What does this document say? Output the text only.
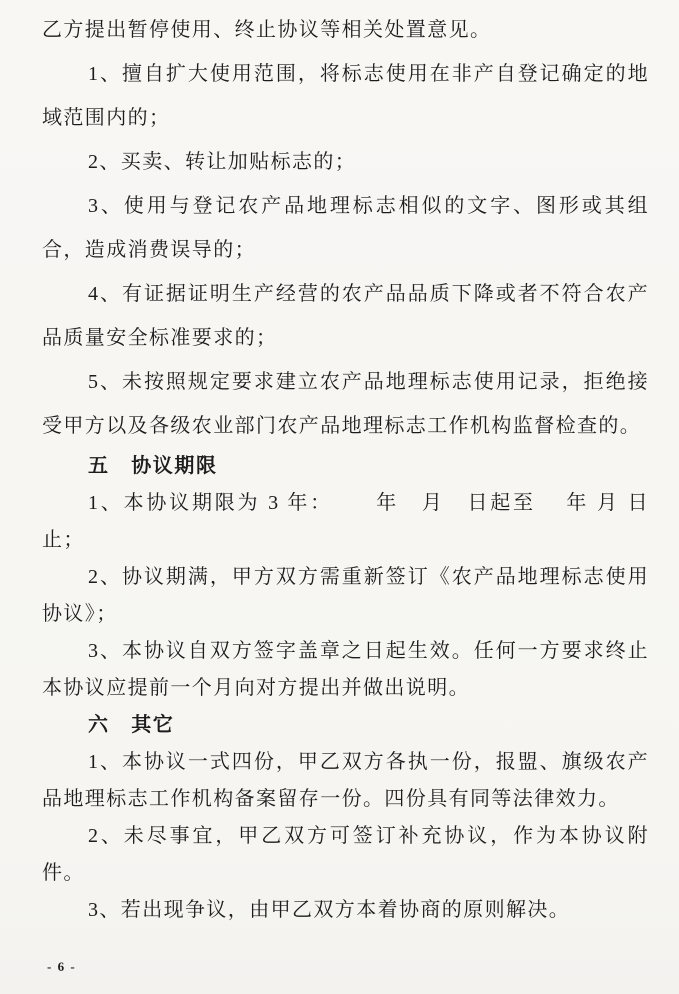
乙方提出暂停使用、终止协议等相关处置意见。

1、擅自扩大使用范围，将标志使用在非产自登记确定的地域范围内的；

2、买卖、转让加贴标志的；

3、使用与登记农产品地理标志相似的文字、图形或其组合，造成消费误导的；

4、有证据证明生产经营的农产品品质下降或者不符合农产品质量安全标准要求的；

5、未按照规定要求建立农产品地理标志使用记录，拒绝接受甲方以及各级农业部门农产品地理标志工作机构监督检查的。

五　协议期限

1、本协议期限为 3 年：　　 年　月　日起至　 年 月 日止；

2、协议期满，甲方双方需重新签订《农产品地理标志使用协议》；

3、本协议自双方签字盖章之日起生效。任何一方要求终止本协议应提前一个月向对方提出并做出说明。

六　其它

1、本协议一式四份，甲乙双方各执一份，报盟、旗级农产品地理标志工作机构备案留存一份。四份具有同等法律效力。

2、未尽事宜，甲乙双方可签订补充协议，作为本协议附件。

3、若出现争议，由甲乙双方本着协商的原则解决。

- 6 -
